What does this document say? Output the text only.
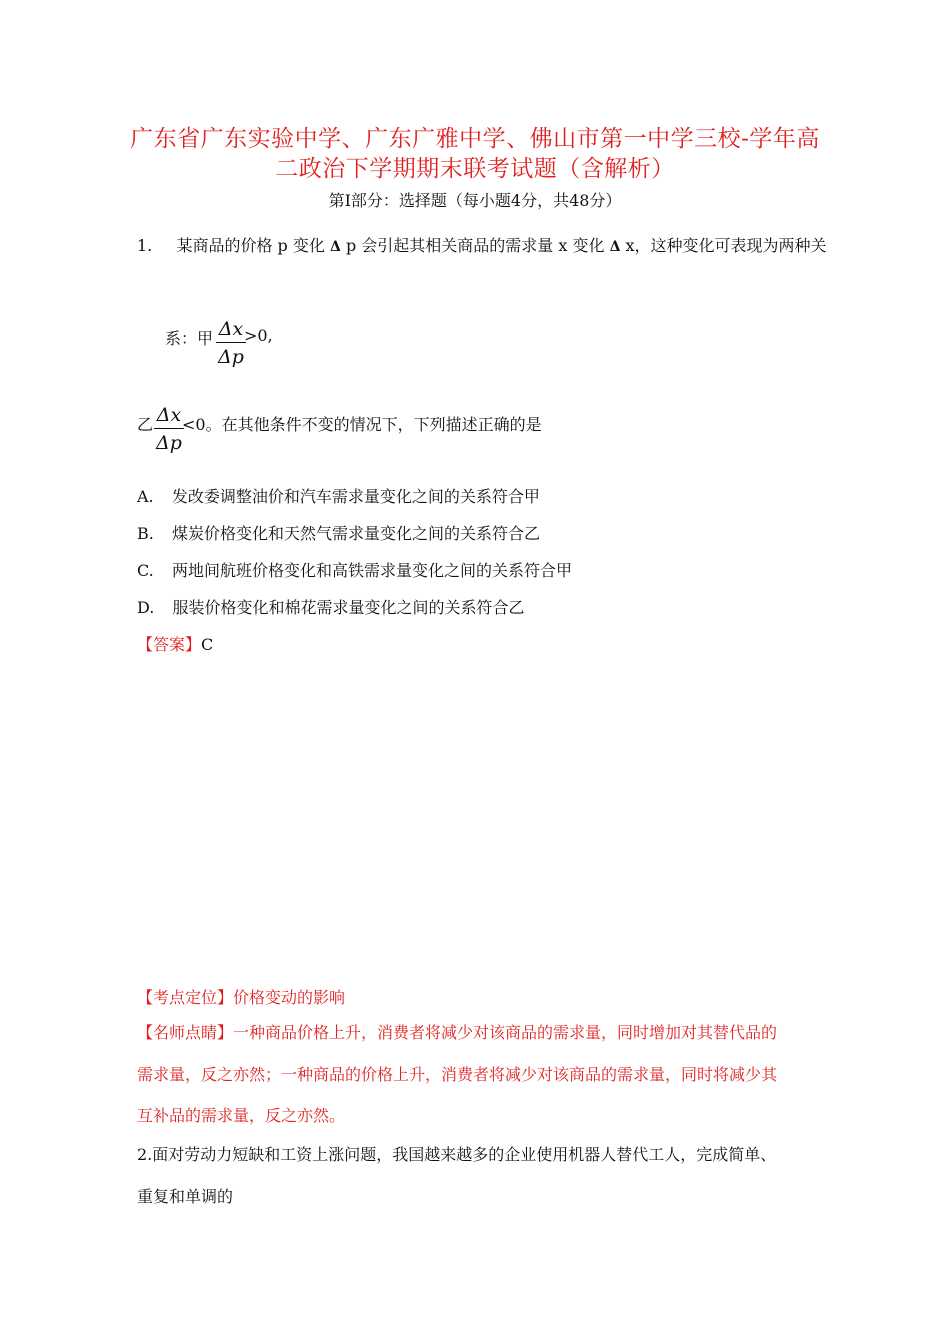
广东省广东实验中学、广东广雅中学、佛山市第一中学三校-学年高
二政治下学期期末联考试题（含解析）
第Ⅰ部分：选择题（每小题4分，共48分）
1. 某商品的价格 p 变化 Δ p 会引起其相关商品的需求量 x 变化 Δ x，这种变化可表现为两种关
系：甲 Δx
Δp
>0,
乙 Δx
Δp
<0。在其他条件不变的情况下，下列描述正确的是
A. 发改委调整油价和汽车需求量变化之间的关系符合甲
B. 煤炭价格变化和天然气需求量变化之间的关系符合乙
C. 两地间航班价格变化和高铁需求量变化之间的关系符合甲
D. 服装价格变化和棉花需求量变化之间的关系符合乙
【答案】C
【考点定位】价格变动的影响
【名师点睛】一种商品价格上升，消费者将减少对该商品的需求量，同时增加对其替代品的
需求量，反之亦然；一种商品的价格上升，消费者将减少对该商品的需求量，同时将减少其
互补品的需求量，反之亦然。
2.面对劳动力短缺和工资上涨问题，我国越来越多的企业使用机器人替代工人，完成简单、
重复和单调的
